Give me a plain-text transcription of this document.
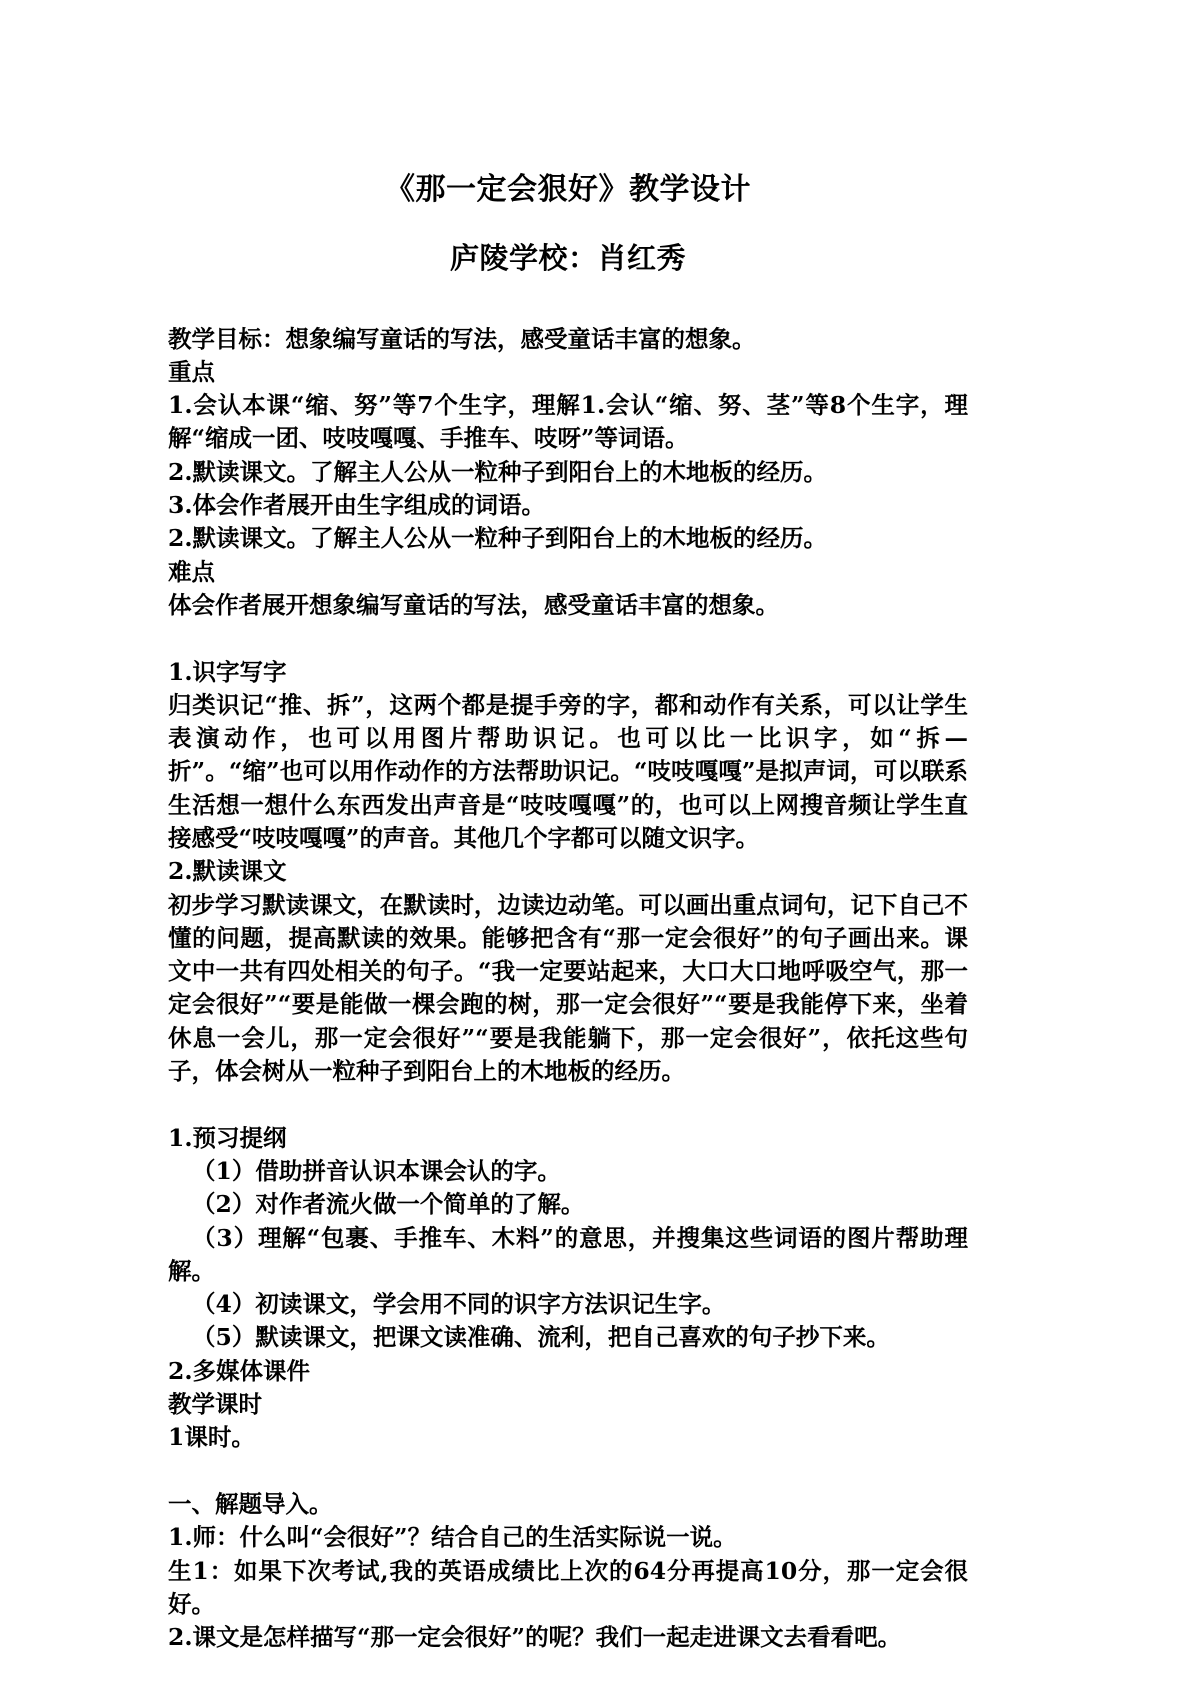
《那一定会狠好》教学设计
庐陵学校：肖红秀

教学目标：想象编写童话的写法，感受童话丰富的想象。

重点

1.会认本课“缩、努”等7个生字，理解1.会认“缩、努、茎”等8个生字，理解“缩成一团、吱吱嘎嘎、手推车、吱呀”等词语。

2.默读课文。了解主人公从一粒种子到阳台上的木地板的经历。

3.体会作者展开由生字组成的词语。

2.默读课文。了解主人公从一粒种子到阳台上的木地板的经历。

难点

体会作者展开想象编写童话的写法，感受童话丰富的想象。

1.识字写字

归类识记“推、拆”，这两个都是提手旁的字，都和动作有关系，可以让学生表演动作，也可以用图片帮助识记。也可以比一比识字，如“拆—折”。“缩”也可以用作动作的方法帮助识记。“吱吱嘎嘎”是拟声词，可以联系生活想一想什么东西发出声音是“吱吱嘎嘎”的，也可以上网搜音频让学生直接感受“吱吱嘎嘎”的声音。其他几个字都可以随文识字。

2.默读课文

初步学习默读课文，在默读时，边读边动笔。可以画出重点词句，记下自己不懂的问题，提高默读的效果。能够把含有“那一定会很好”的句子画出来。课文中一共有四处相关的句子。“我一定要站起来，大口大口地呼吸空气，那一定会很好”“要是能做一棵会跑的树，那一定会很好”“要是我能停下来，坐着休息一会儿，那一定会很好”“要是我能躺下，那一定会很好”，依托这些句子，体会树从一粒种子到阳台上的木地板的经历。

1.预习提纲

（1）借助拼音认识本课会认的字。

（2）对作者流火做一个简单的了解。

（3）理解“包裹、手推车、木料”的意思，并搜集这些词语的图片帮助理解。

（4）初读课文，学会用不同的识字方法识记生字。

（5）默读课文，把课文读准确、流利，把自己喜欢的句子抄下来。

2.多媒体课件

教学课时

1课时。

一、解题导入。

1.师：什么叫“会很好”？结合自己的生活实际说一说。

生1：如果下次考试,我的英语成绩比上次的64分再提高10分，那一定会很好。

2.课文是怎样描写“那一定会很好”的呢？我们一起走进课文去看看吧。
